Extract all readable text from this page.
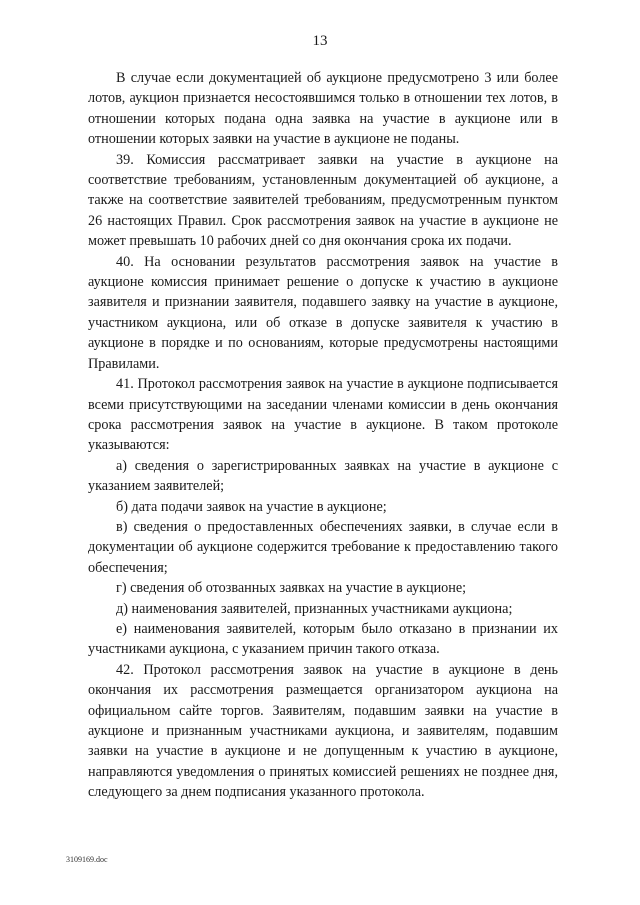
13

В случае если документацией об аукционе предусмотрено 3 или более лотов, аукцион признается несостоявшимся только в отношении тех лотов, в отношении которых подана одна заявка на участие в аукционе или в отношении которых заявки на участие в аукционе не поданы.

39. Комиссия рассматривает заявки на участие в аукционе на соответствие требованиям, установленным документацией об аукционе, а также на соответствие заявителей требованиям, предусмотренным пунктом 26 настоящих Правил. Срок рассмотрения заявок на участие в аукционе не может превышать 10 рабочих дней со дня окончания срока их подачи.

40. На основании результатов рассмотрения заявок на участие в аукционе комиссия принимает решение о допуске к участию в аукционе заявителя и признании заявителя, подавшего заявку на участие в аукционе, участником аукциона, или об отказе в допуске заявителя к участию в аукционе в порядке и по основаниям, которые предусмотрены настоящими Правилами.

41. Протокол рассмотрения заявок на участие в аукционе подписывается всеми присутствующими на заседании членами комиссии в день окончания срока рассмотрения заявок на участие в аукционе. В таком протоколе указываются:

а) сведения о зарегистрированных заявках на участие в аукционе с указанием заявителей;

б) дата подачи заявок на участие в аукционе;

в) сведения о предоставленных обеспечениях заявки, в случае если в документации об аукционе содержится требование к предоставлению такого обеспечения;

г) сведения об отозванных заявках на участие в аукционе;

д) наименования заявителей, признанных участниками аукциона;

е) наименования заявителей, которым было отказано в признании их участниками аукциона, с указанием причин такого отказа.

42. Протокол рассмотрения заявок на участие в аукционе в день окончания их рассмотрения размещается организатором аукциона на официальном сайте торгов. Заявителям, подавшим заявки на участие в аукционе и признанным участниками аукциона, и заявителям, подавшим заявки на участие в аукционе и не допущенным к участию в аукционе, направляются уведомления о принятых комиссией решениях не позднее дня, следующего за днем подписания указанного протокола.

3109169.doc
